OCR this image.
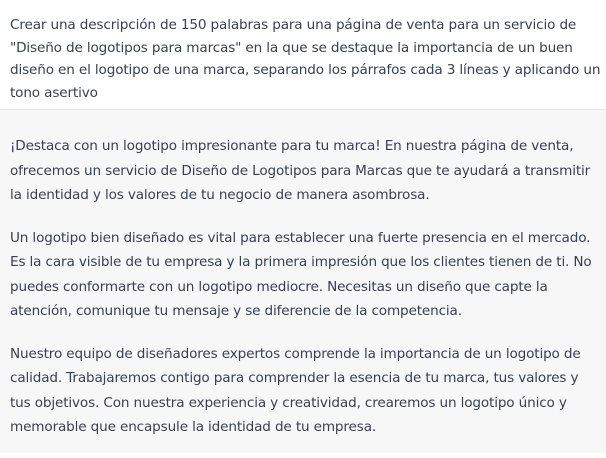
Crear una descripción de 150 palabras para una página de venta para un servicio de "Diseño de logotipos para marcas" en la que se destaque la importancia de un buen diseño en el logotipo de una marca, separando los párrafos cada 3 líneas y aplicando un tono asertivo

¡Destaca con un logotipo impresionante para tu marca! En nuestra página de venta, ofrecemos un servicio de Diseño de Logotipos para Marcas que te ayudará a transmitir la identidad y los valores de tu negocio de manera asombrosa.

Un logotipo bien diseñado es vital para establecer una fuerte presencia en el mercado. Es la cara visible de tu empresa y la primera impresión que los clientes tienen de ti. No puedes conformarte con un logotipo mediocre. Necesitas un diseño que capte la atención, comunique tu mensaje y se diferencie de la competencia.

Nuestro equipo de diseñadores expertos comprende la importancia de un logotipo de calidad. Trabajaremos contigo para comprender la esencia de tu marca, tus valores y tus objetivos. Con nuestra experiencia y creatividad, crearemos un logotipo único y memorable que encapsule la identidad de tu empresa.
